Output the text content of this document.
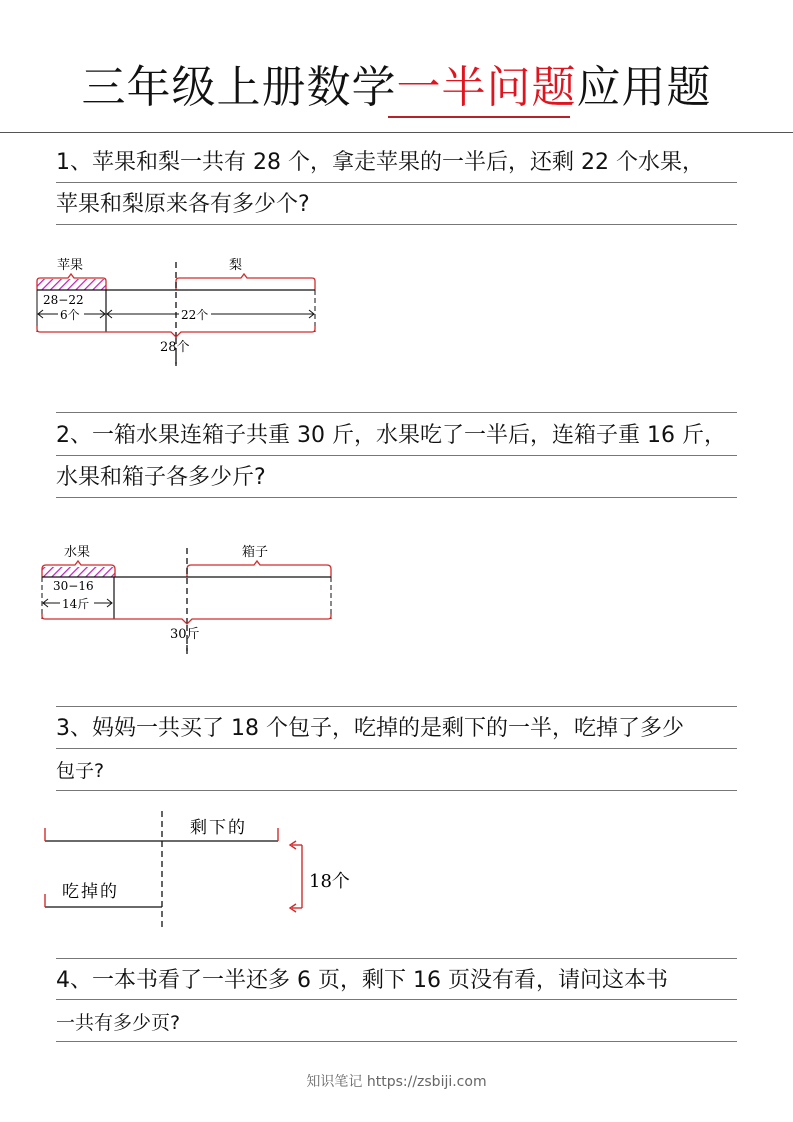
三年级上册数学一半问题应用题
1、苹果和梨一共有 28 个，拿走苹果的一半后，还剩 22 个水果，
苹果和梨原来各有多少个?
苹果	梨
28−22
6个	22个
28个
2、一箱水果连箱子共重 30 斤，水果吃了一半后，连箱子重 16 斤，
水果和箱子各多少斤?
水果	箱子
30−16
14斤
30斤
3、妈妈一共买了 18 个包子，吃掉的是剩下的一半，吃掉了多少
包子?
剩下的
吃掉的	18个
4、一本书看了一半还多 6 页，剩下 16 页没有看，请问这本书
一共有多少页?
知识笔记 https://zsbiji.com
